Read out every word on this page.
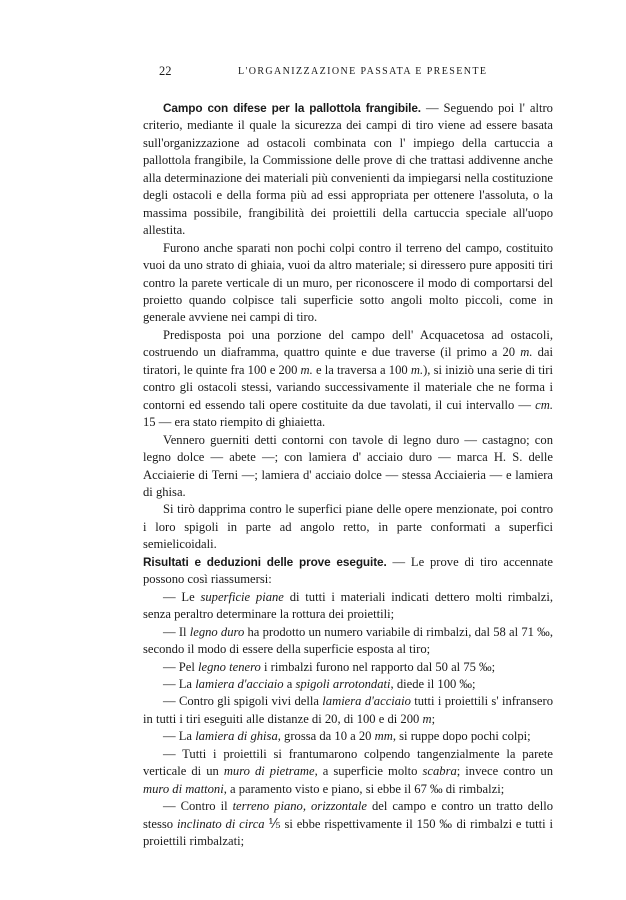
22	L'ORGANIZZAZIONE PASSATA E PRESENTE

Campo con difese per la pallottola frangibile. — Seguendo poi l' altro criterio, mediante il quale la sicurezza dei campi di tiro viene ad essere basata sull'organizzazione ad ostacoli combinata con l' impiego della cartuccia a pallottola frangibile, la Commissione delle prove di che trattasi addivenne anche alla determinazione dei materiali più convenienti da impiegarsi nella costituzione degli ostacoli e della forma più ad essi appropriata per ottenere l'assoluta, o la massima possibile, frangibilità dei proiettili della cartuccia speciale all'uopo allestita.

Furono anche sparati non pochi colpi contro il terreno del campo, costituito vuoi da uno strato di ghiaia, vuoi da altro materiale; si diressero pure appositi tiri contro la parete verticale di un muro, per riconoscere il modo di comportarsi del proietto quando colpisce tali superficie sotto angoli molto piccoli, come in generale avviene nei campi di tiro.

Predisposta poi una porzione del campo dell' Acquacetosa ad ostacoli, costruendo un diaframma, quattro quinte e due traverse (il primo a 20 m. dai tiratori, le quinte fra 100 e 200 m. e la traversa a 100 m.), si iniziò una serie di tiri contro gli ostacoli stessi, variando successivamente il materiale che ne forma i contorni ed essendo tali opere costituite da due tavolati, il cui intervallo — cm. 15 — era stato riempito di ghiaietta.

Vennero guerniti detti contorni con tavole di legno duro — castagno; con legno dolce — abete —; con lamiera d' acciaio duro — marca H. S. delle Acciaierie di Terni —; lamiera d' acciaio dolce — stessa Acciaieria — e lamiera di ghisa.

Si tirò dapprima contro le superfici piane delle opere menzionate, poi contro i loro spigoli in parte ad angolo retto, in parte conformati a superfici semielicoidali.

Risultati e deduzioni delle prove eseguite. — Le prove di tiro accennate possono così riassumersi:

— Le superficie piane di tutti i materiali indicati dettero molti rimbalzi, senza peraltro determinare la rottura dei proiettili;

— Il legno duro ha prodotto un numero variabile di rimbalzi, dal 58 al 71 ‰, secondo il modo di essere della superficie esposta al tiro;

— Pel legno tenero i rimbalzi furono nel rapporto dal 50 al 75 ‰;

— La lamiera d'acciaio a spigoli arrotondati, diede il 100 ‰;

— Contro gli spigoli vivi della lamiera d'acciaio tutti i proiettili s' infransero in tutti i tiri eseguiti alle distanze di 20, di 100 e di 200 m;

— La lamiera di ghisa, grossa da 10 a 20 mm, si ruppe dopo pochi colpi;

— Tutti i proiettili si frantumarono colpendo tangenzialmente la parete verticale di un muro di pietrame, a superficie molto scabra; invece contro un muro di mattoni, a paramento visto e piano, si ebbe il 67 ‰ di rimbalzi;

— Contro il terreno piano, orizzontale del campo e contro un tratto dello stesso inclinato di circa ⅕ si ebbe rispettivamente il 150 ‰ di rimbalzi e tutti i proiettili rimbalzati;
